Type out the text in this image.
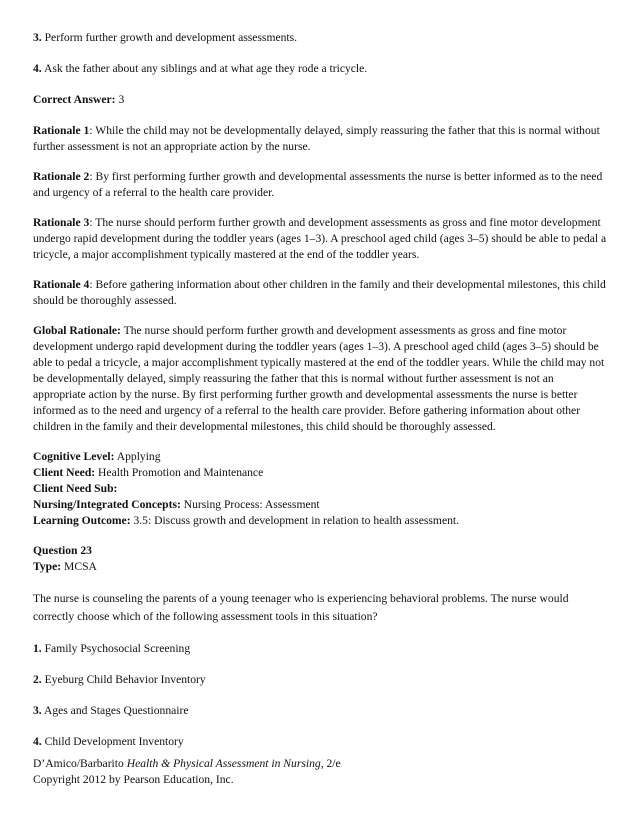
3. Perform further growth and development assessments.

4. Ask the father about any siblings and at what age they rode a tricycle.

Correct Answer: 3

Rationale 1: While the child may not be developmentally delayed, simply reassuring the father that this is normal without further assessment is not an appropriate action by the nurse.

Rationale 2: By first performing further growth and developmental assessments the nurse is better informed as to the need and urgency of a referral to the health care provider.

Rationale 3: The nurse should perform further growth and development assessments as gross and fine motor development undergo rapid development during the toddler years (ages 1–3). A preschool aged child (ages 3–5) should be able to pedal a tricycle, a major accomplishment typically mastered at the end of the toddler years.

Rationale 4: Before gathering information about other children in the family and their developmental milestones, this child should be thoroughly assessed.

Global Rationale: The nurse should perform further growth and development assessments as gross and fine motor development undergo rapid development during the toddler years (ages 1–3). A preschool aged child (ages 3–5) should be able to pedal a tricycle, a major accomplishment typically mastered at the end of the toddler years. While the child may not be developmentally delayed, simply reassuring the father that this is normal without further assessment is not an appropriate action by the nurse. By first performing further growth and developmental assessments the nurse is better informed as to the need and urgency of a referral to the health care provider. Before gathering information about other children in the family and their developmental milestones, this child should be thoroughly assessed.

Cognitive Level: Applying

Client Need: Health Promotion and Maintenance

Client Need Sub:

Nursing/Integrated Concepts: Nursing Process: Assessment

Learning Outcome: 3.5: Discuss growth and development in relation to health assessment.

Question 23

Type: MCSA

The nurse is counseling the parents of a young teenager who is experiencing behavioral problems. The nurse would correctly choose which of the following assessment tools in this situation?

1. Family Psychosocial Screening

2. Eyeburg Child Behavior Inventory

3. Ages and Stages Questionnaire

4. Child Development Inventory

D’Amico/Barbarito Health & Physical Assessment in Nursing, 2/e

Copyright 2012 by Pearson Education, Inc.
